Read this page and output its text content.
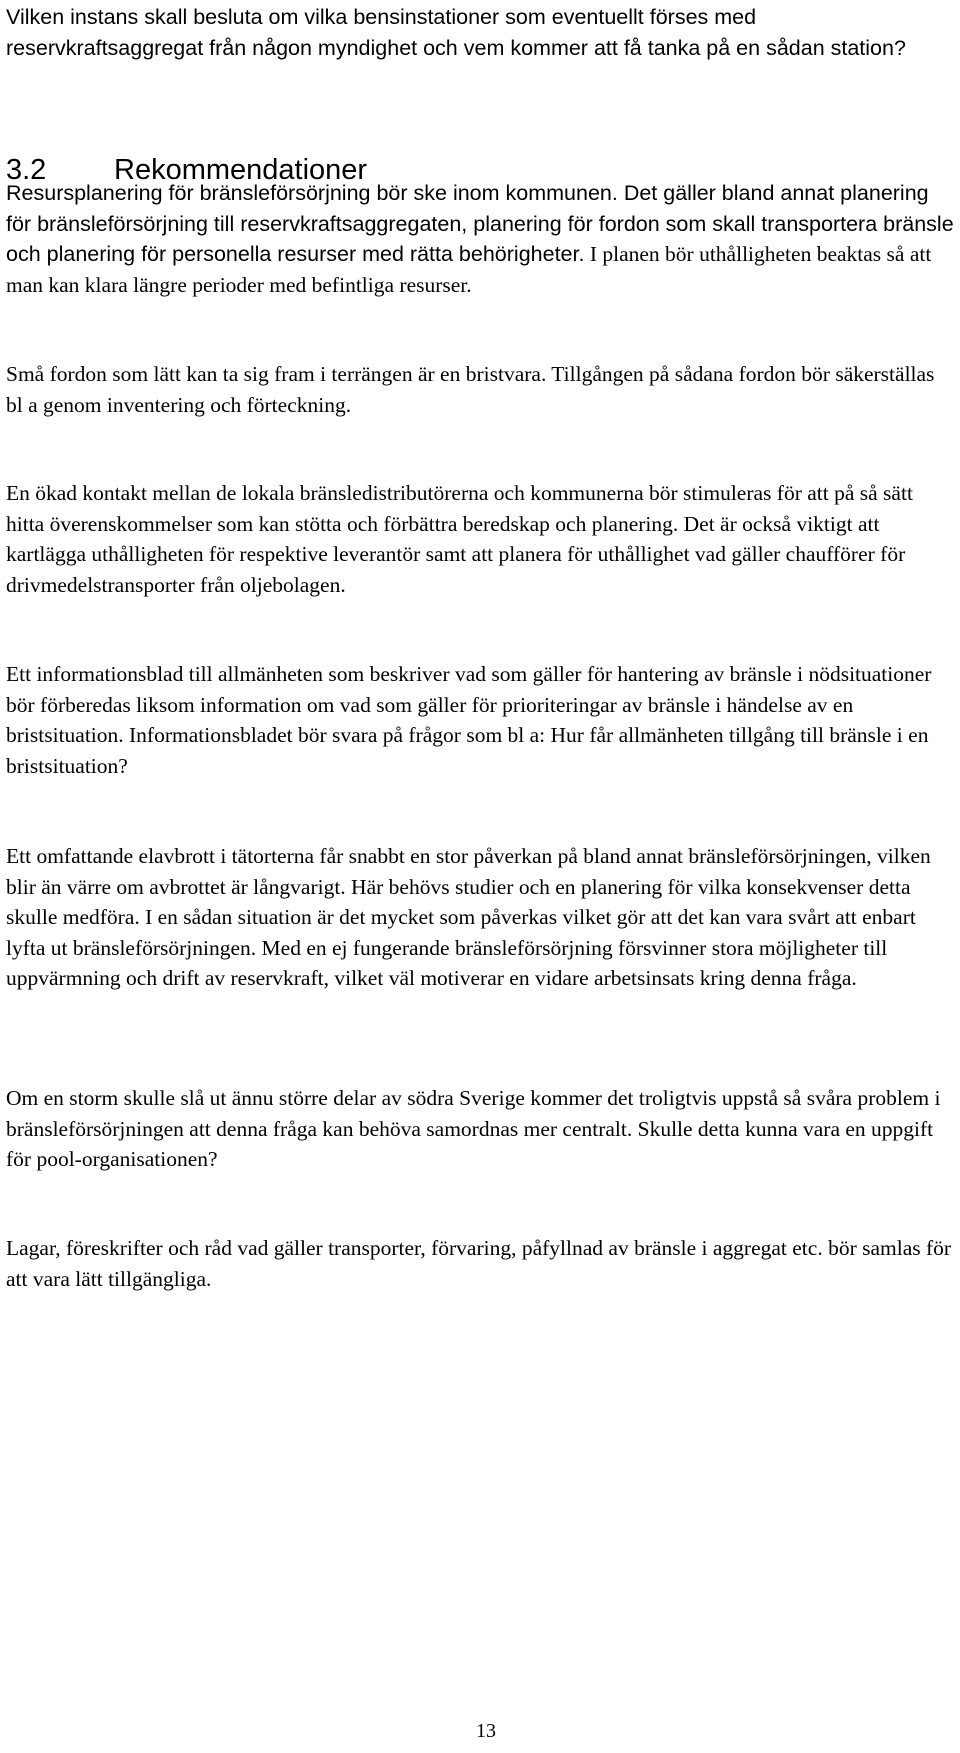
Vilken instans skall besluta om vilka bensinstationer som eventuellt förses med reservkraftsaggregat från någon myndighet och vem kommer att få tanka på en sådan station?

3.2 Rekommendationer

Resursplanering för bränsleförsörjning bör ske inom kommunen. Det gäller bland annat planering för bränsleförsörjning till reservkraftsaggregaten, planering för fordon som skall transportera bränsle och planering för personella resurser med rätta behörigheter. I planen bör uthålligheten beaktas så att man kan klara längre perioder med befintliga resurser.

Små fordon som lätt kan ta sig fram i terrängen är en bristvara. Tillgången på sådana fordon bör säkerställas bl a genom inventering och förteckning.

En ökad kontakt mellan de lokala bränsledistributörerna och kommunerna bör stimuleras för att på så sätt hitta överenskommelser som kan stötta och förbättra beredskap och planering. Det är också viktigt att kartlägga uthålligheten för respektive leverantör samt att planera för uthållighet vad gäller chaufförer för drivmedelstransporter från oljebolagen.

Ett informationsblad till allmänheten som beskriver vad som gäller för hantering av bränsle i nödsituationer bör förberedas liksom information om vad som gäller för prioriteringar av bränsle i händelse av en bristsituation. Informationsbladet bör svara på frågor som bl a: Hur får allmänheten tillgång till bränsle i en bristsituation?

Ett omfattande elavbrott i tätorterna får snabbt en stor påverkan på bland annat bränsleförsörjningen, vilken blir än värre om avbrottet är långvarigt. Här behövs studier och en planering för vilka konsekvenser detta skulle medföra. I en sådan situation är det mycket som påverkas vilket gör att det kan vara svårt att enbart lyfta ut bränsleförsörjningen. Med en ej fungerande bränsleförsörjning försvinner stora möjligheter till uppvärmning och drift av reservkraft, vilket väl motiverar en vidare arbetsinsats kring denna fråga.

Om en storm skulle slå ut ännu större delar av södra Sverige kommer det troligtvis uppstå så svåra problem i bränsleförsörjningen att denna fråga kan behöva samordnas mer centralt. Skulle detta kunna vara en uppgift för pool-organisationen?

Lagar, föreskrifter och råd vad gäller transporter, förvaring, påfyllnad av bränsle i aggregat etc. bör samlas för att vara lätt tillgängliga.

13
